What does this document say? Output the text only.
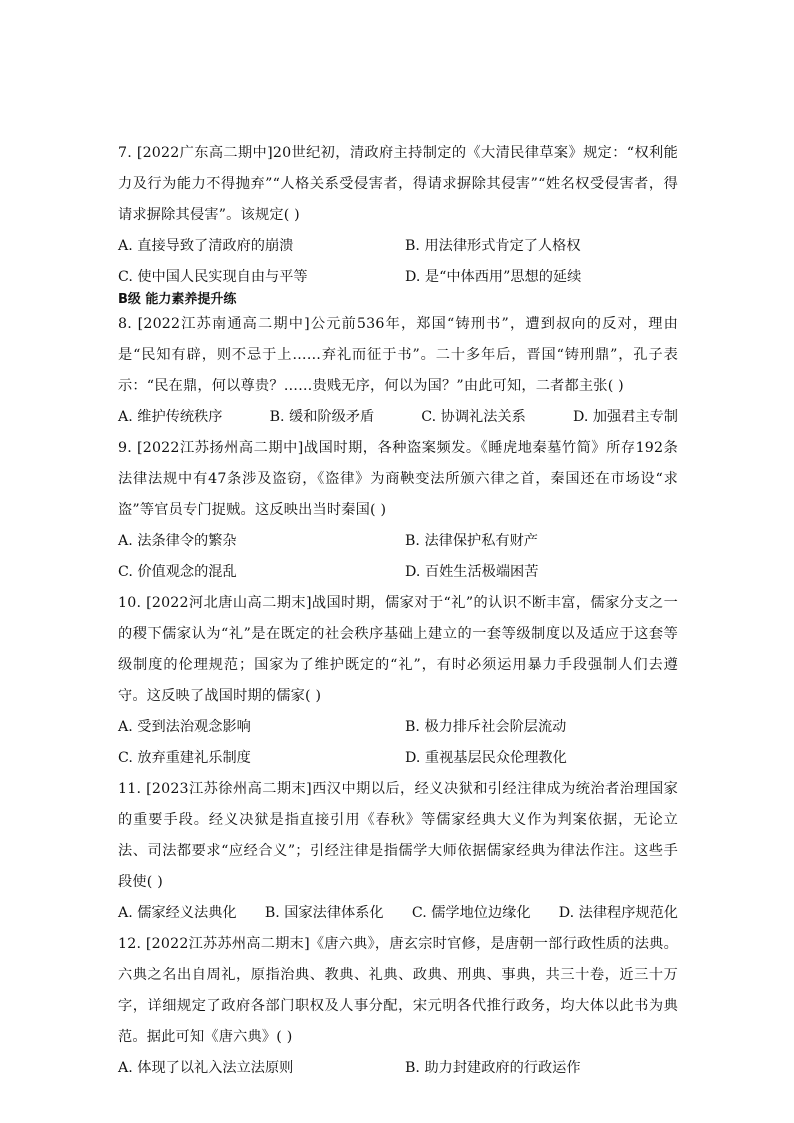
7. [2022广东高二期中]20世纪初，清政府主持制定的《大清民律草案》规定：“权利能力及行为能力不得抛弃”“人格关系受侵害者，得请求摒除其侵害”“姓名权受侵害者，得请求摒除其侵害”。该规定( )

A. 直接导致了清政府的崩溃	B. 用法律形式肯定了人格权
C. 使中国人民实现自由与平等	D. 是“中体西用”思想的延续
B级 能力素养提升练

8. [2022江苏南通高二期中]公元前536年，郑国“铸刑书”，遭到叔向的反对，理由是“民知有辟，则不忌于上……弃礼而征于书”。二十多年后，晋国“铸刑鼎”，孔子表示：“民在鼎，何以尊贵？……贵贱无序，何以为国？”由此可知，二者都主张( )

A. 维护传统秩序	B. 缓和阶级矛盾	C. 协调礼法关系	D. 加强君主专制

9. [2022江苏扬州高二期中]战国时期，各种盗案频发。《睡虎地秦墓竹简》所存192条法律法规中有47条涉及盗窃，《盗律》为商鞅变法所颁六律之首，秦国还在市场设“求盗”等官员专门捉贼。这反映出当时秦国( )

A. 法条律令的繁杂	B. 法律保护私有财产
C. 价值观念的混乱	D. 百姓生活极端困苦

10. [2022河北唐山高二期末]战国时期，儒家对于“礼”的认识不断丰富，儒家分支之一的稷下儒家认为“礼”是在既定的社会秩序基础上建立的一套等级制度以及适应于这套等级制度的伦理规范；国家为了维护既定的“礼”，有时必须运用暴力手段强制人们去遵守。这反映了战国时期的儒家( )

A. 受到法治观念影响	B. 极力排斥社会阶层流动
C. 放弃重建礼乐制度	D. 重视基层民众伦理教化

11. [2023江苏徐州高二期末]西汉中期以后，经义决狱和引经注律成为统治者治理国家的重要手段。经义决狱是指直接引用《春秋》等儒家经典大义作为判案依据，无论立法、司法都要求“应经合义”；引经注律是指儒学大师依据儒家经典为律法作注。这些手段使( )

A. 儒家经义法典化 B. 国家法律体系化 C. 儒学地位边缘化 D. 法律程序规范化

12. [2022江苏苏州高二期末]《唐六典》，唐玄宗时官修，是唐朝一部行政性质的法典。六典之名出自周礼，原指治典、教典、礼典、政典、刑典、事典，共三十卷，近三十万字，详细规定了政府各部门职权及人事分配，宋元明各代推行政务，均大体以此书为典范。据此可知《唐六典》( )

A. 体现了以礼入法立法原则	B. 助力封建政府的行政运作
